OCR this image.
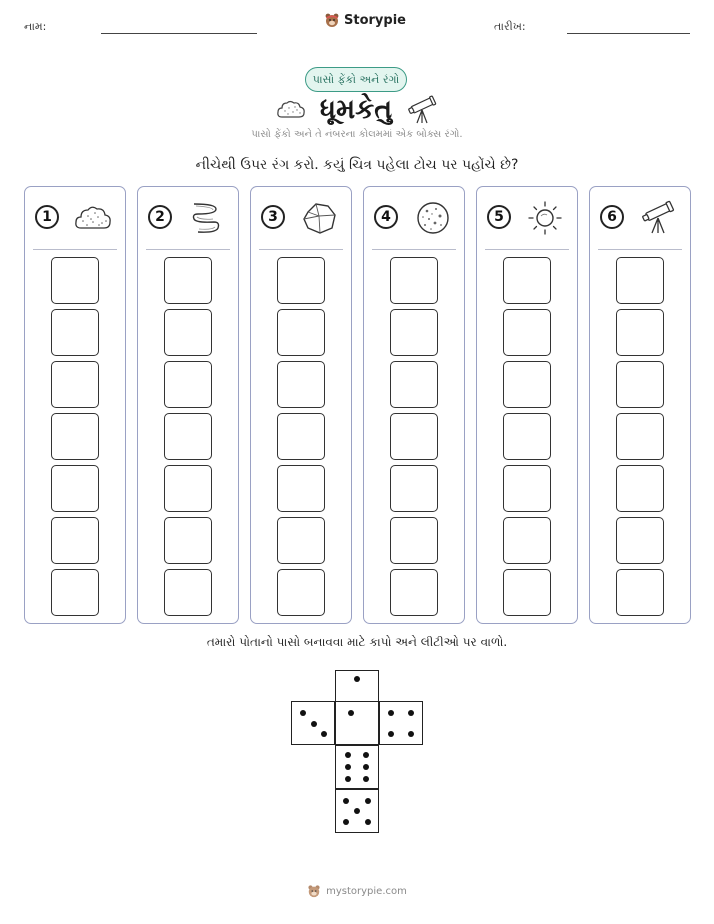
નામ:	Storypie	તારીખ:
પાસો ફેંકો અને રંગો
ધૂમકેતુ
પાસો ફેંકો અને તે નંબરના કોલમમાં એક બોક્સ રંગો.
નીચેથી ઉપર રંગ કરો. કયું ચિત્ર પહેલા ટોચ પર પહોંચે છે?
1	2	3	4	5	6
તમારો પોતાનો પાસો બનાવવા માટે કાપો અને લીટીઓ પર વાળો.
mystorypie.com
